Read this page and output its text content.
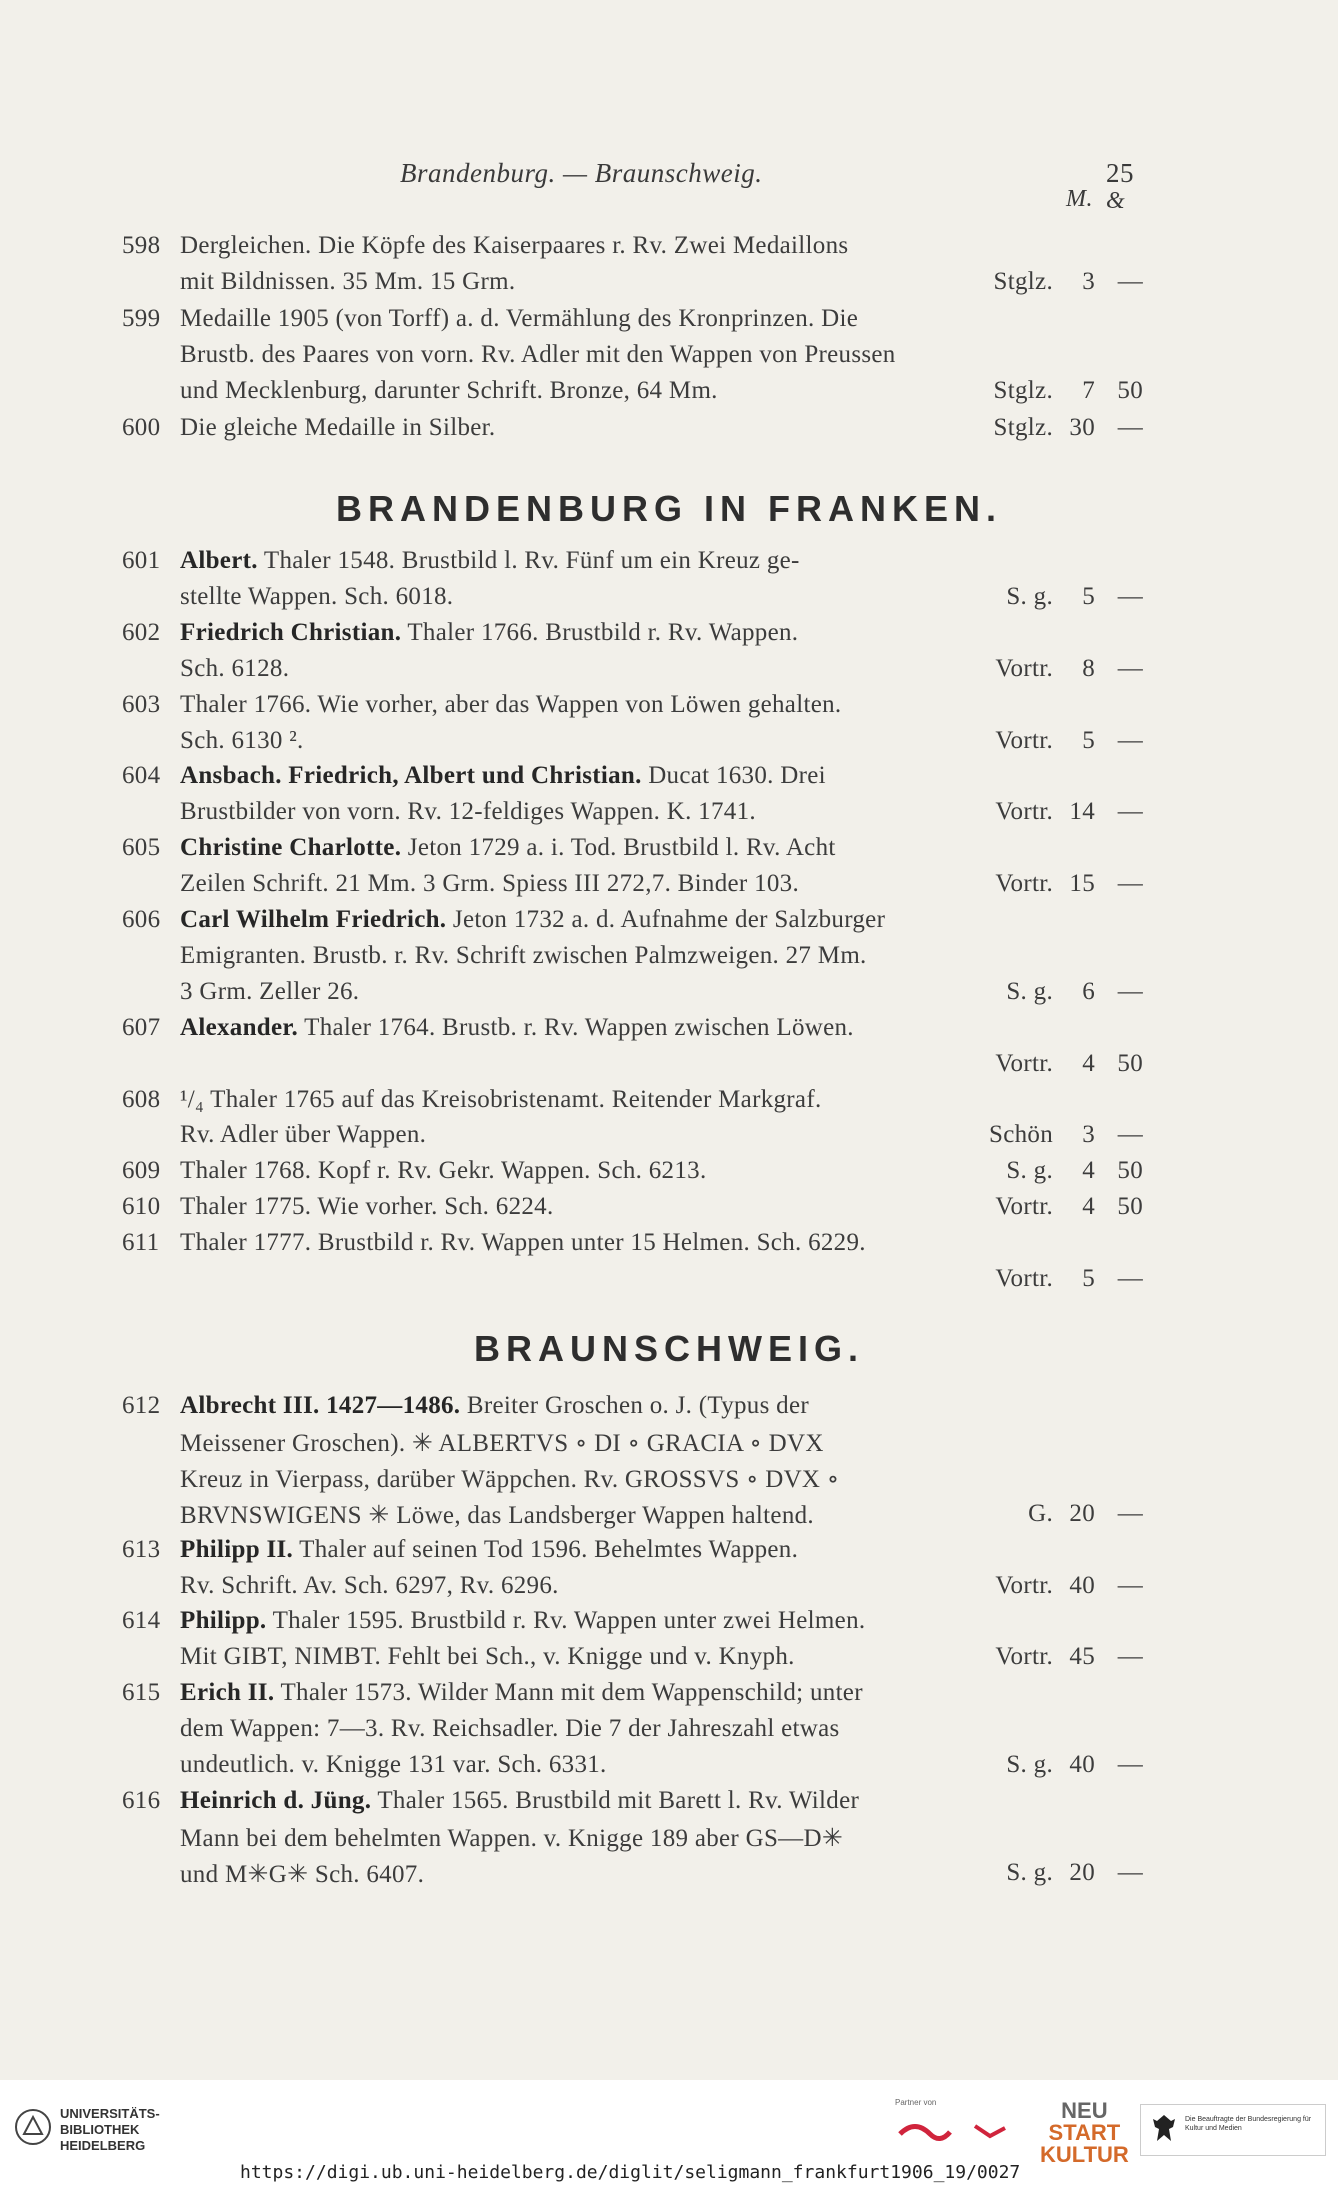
Brandenburg. — Braunschweig.	25
M. &
598 Dergleichen. Die Köpfe des Kaiserpaares r. Rv. Zwei Medaillons
mit Bildnissen. 35 Mm. 15 Grm.	Stglz. 3 —
599 Medaille 1905 (von Torff) a. d. Vermählung des Kronprinzen. Die
Brustb. des Paares von vorn. Rv. Adler mit den Wappen von Preussen
und Mecklenburg, darunter Schrift. Bronze, 64 Mm.	Stglz. 7 50
600 Die gleiche Medaille in Silber.	Stglz. 30 —
BRANDENBURG IN FRANKEN.
601 Albert. Thaler 1548. Brustbild l. Rv. Fünf um ein Kreuz ge-
stellte Wappen. Sch. 6018.	S. g. 5 —
602 Friedrich Christian. Thaler 1766. Brustbild r. Rv. Wappen.
Sch. 6128.	Vortr. 8 —
603 Thaler 1766. Wie vorher, aber das Wappen von Löwen gehalten.
Sch. 6130 ².	Vortr. 5 —
604 Ansbach. Friedrich, Albert und Christian. Ducat 1630. Drei
Brustbilder von vorn. Rv. 12-feldiges Wappen. K. 1741.	Vortr. 14 —
605 Christine Charlotte. Jeton 1729 a. i. Tod. Brustbild l. Rv. Acht
Zeilen Schrift. 21 Mm. 3 Grm. Spiess III 272,7. Binder 103.	Vortr. 15 —
606 Carl Wilhelm Friedrich. Jeton 1732 a. d. Aufnahme der Salzburger
Emigranten. Brustb. r. Rv. Schrift zwischen Palmzweigen. 27 Mm.
3 Grm. Zeller 26.	S. g. 6 —
607 Alexander. Thaler 1764. Brustb. r. Rv. Wappen zwischen Löwen.
Vortr. 4 50
608 ¹/₄ Thaler 1765 auf das Kreisobristenamt. Reitender Markgraf.
Rv. Adler über Wappen.	Schön 3 —
609 Thaler 1768. Kopf r. Rv. Gekr. Wappen. Sch. 6213.	S. g. 4 50
610 Thaler 1775. Wie vorher. Sch. 6224.	Vortr. 4 50
611 Thaler 1777. Brustbild r. Rv. Wappen unter 15 Helmen. Sch. 6229.
Vortr. 5 —
BRAUNSCHWEIG.
612 Albrecht III. 1427—1486. Breiter Groschen o. J. (Typus der
Meissener Groschen). ✳ ALBERTVS ∘ DI ∘ GRACIA ∘ DVX
Kreuz in Vierpass, darüber Wäppchen. Rv. GROSSVS ∘ DVX ∘
BRVNSWIGENS ✳ Löwe, das Landsberger Wappen haltend.	G. 20 —
613 Philipp II. Thaler auf seinen Tod 1596. Behelmtes Wappen.
Rv. Schrift. Av. Sch. 6297, Rv. 6296.	Vortr. 40 —
614 Philipp. Thaler 1595. Brustbild r. Rv. Wappen unter zwei Helmen.
Mit GIBT, NIMBT. Fehlt bei Sch., v. Knigge und v. Knyph.	Vortr. 45 —
615 Erich II. Thaler 1573. Wilder Mann mit dem Wappenschild; unter
dem Wappen: 7—3. Rv. Reichsadler. Die 7 der Jahreszahl etwas
undeutlich. v. Knigge 131 var. Sch. 6331.	S. g. 40 —
616 Heinrich d. Jüng. Thaler 1565. Brustbild mit Barett l. Rv. Wilder
Mann bei dem behelmten Wappen. v. Knigge 189 aber GS—D✳
und M✳G✳ Sch. 6407.	S. g. 20 —
UNIVERSITÄTS-
BIBLIOTHEK
HEIDELBERG
https://digi.ub.uni-heidelberg.de/diglit/seligmann_frankfurt1906_19/0027
Partner von	NEU
START
KULTUR
Die Beauftragte der Bundesregierung für Kultur und Medien
